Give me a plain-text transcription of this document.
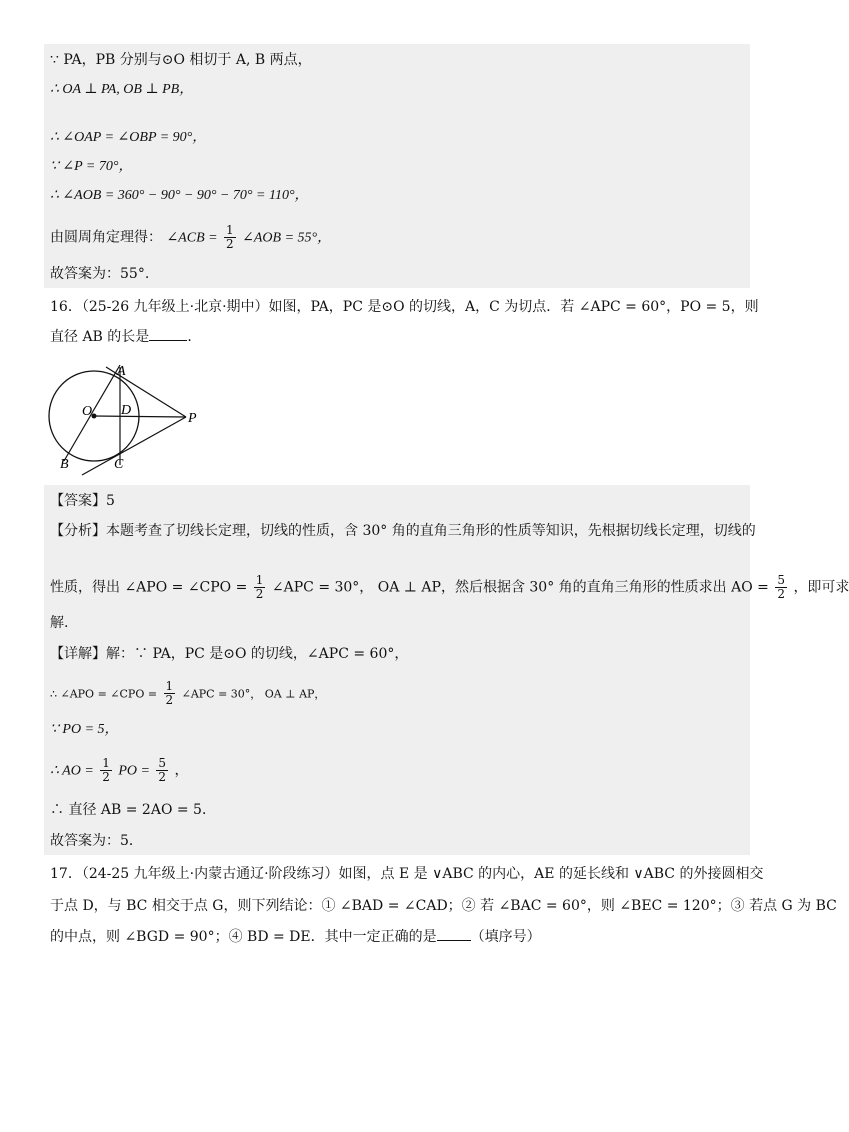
∵ PA，PB 分别与⊙O 相切于 A, B 两点，
∴ OA ⊥ PA, OB ⊥ PB，
∴ ∠OAP = ∠OBP = 90°，
∵ ∠P = 70°，
∴ ∠AOB = 360° − 90° − 90° − 70° = 110°，
由圆周角定理得： ∠ACB = $\frac{1}{2}$ ∠AOB = 55°，
故答案为：55°.
16．（25-26 九年级上·北京·期中）如图，PA，PC 是⊙O 的切线，A，C 为切点．若 ∠APC = 60°，PO = 5，则
直径 AB 的长是	．
A
O D
P
B	C
【答案】5
【分析】本题考查了切线长定理，切线的性质，含 30° 角的直角三角形的性质等知识，先根据切线长定理，切线的
性质，得出 ∠APO = ∠CPO = $\frac{1}{2}$ ∠APC = 30°， OA ⊥ AP，然后根据含 30° 角的直角三角形的性质求出 AO = $\frac{5}{2}$ ，即可求
解.
【详解】解：∵ PA，PC 是⊙O 的切线，∠APC = 60°，
∴ ∠APO = ∠CPO = $\frac{1}{2}$ ∠APC = 30°， OA ⊥ AP，
∵ PO = 5，
∴ AO = $\frac{1}{2}$ PO = $\frac{5}{2}$ ，
∴ 直径 AB = 2AO = 5．
故答案为：5．
17．（24-25 九年级上·内蒙古通辽·阶段练习）如图，点 E 是 ∨ABC 的内心，AE 的延长线和 ∨ABC 的外接圆相交
于点 D，与 BC 相交于点 G，则下列结论：① ∠BAD = ∠CAD；② 若 ∠BAC = 60°，则 ∠BEC = 120°；③ 若点 G 为 BC
的中点，则 ∠BGD = 90°；④ BD = DE．其中一定正确的是 （填序号）
